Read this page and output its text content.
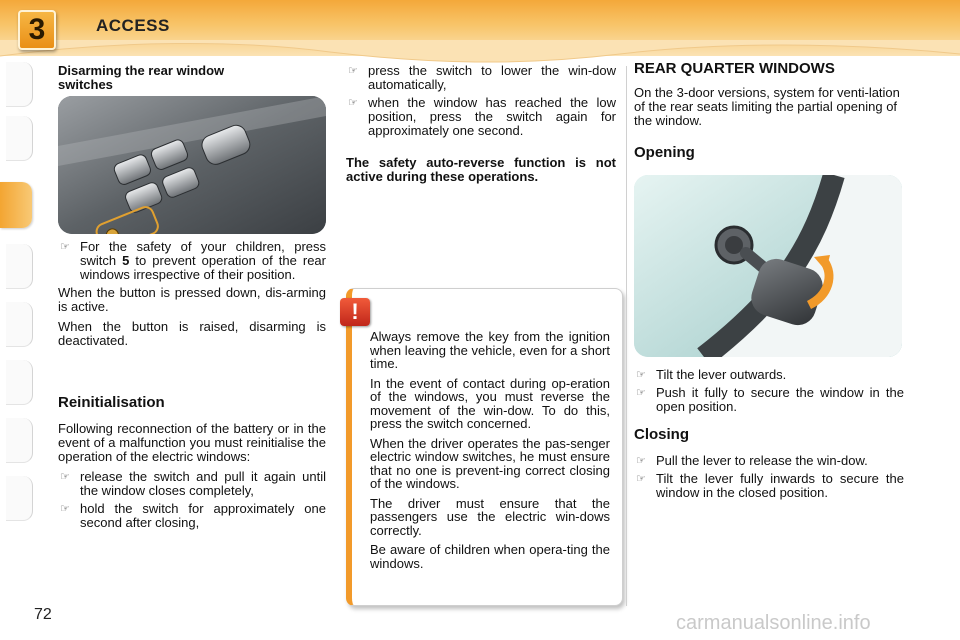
3	ACCESS
Disarming the rear window switches
☞ For the safety of your children, press switch 5 to prevent operation of the rear windows irrespective of their position.

When the button is pressed down, dis-arming is active.

When the button is raised, disarming is deactivated.

Reinitialisation

Following reconnection of the battery or in the event of a malfunction you must reinitialise the operation of the electric windows:

☞ release the switch and pull it again until the window closes completely,
☞ hold the switch for approximately one second after closing,
☞ press the switch to lower the win-dow automatically,
☞ when the window has reached the low position, press the switch again for approximately one second.

The safety auto-reverse function is not active during these operations.

!

Always remove the key from the ignition when leaving the vehicle, even for a short time.

In the event of contact during op-eration of the windows, you must reverse the movement of the win-dow. To do this, press the switch concerned.

When the driver operates the pas-senger electric window switches, he must ensure that no one is prevent-ing correct closing of the windows.

The driver must ensure that the passengers use the electric win-dows correctly.

Be aware of children when opera-ting the windows.

REAR QUARTER WINDOWS

On the 3-door versions, system for venti-lation of the rear seats limiting the partial opening of the window.

Opening
☞ Tilt the lever outwards.
☞ Push it fully to secure the window in the open position.
Closing
☞ Pull the lever to release the win-dow.
☞ Tilt the lever fully inwards to secure the window in the closed position.
72	carmanualsonline.info
